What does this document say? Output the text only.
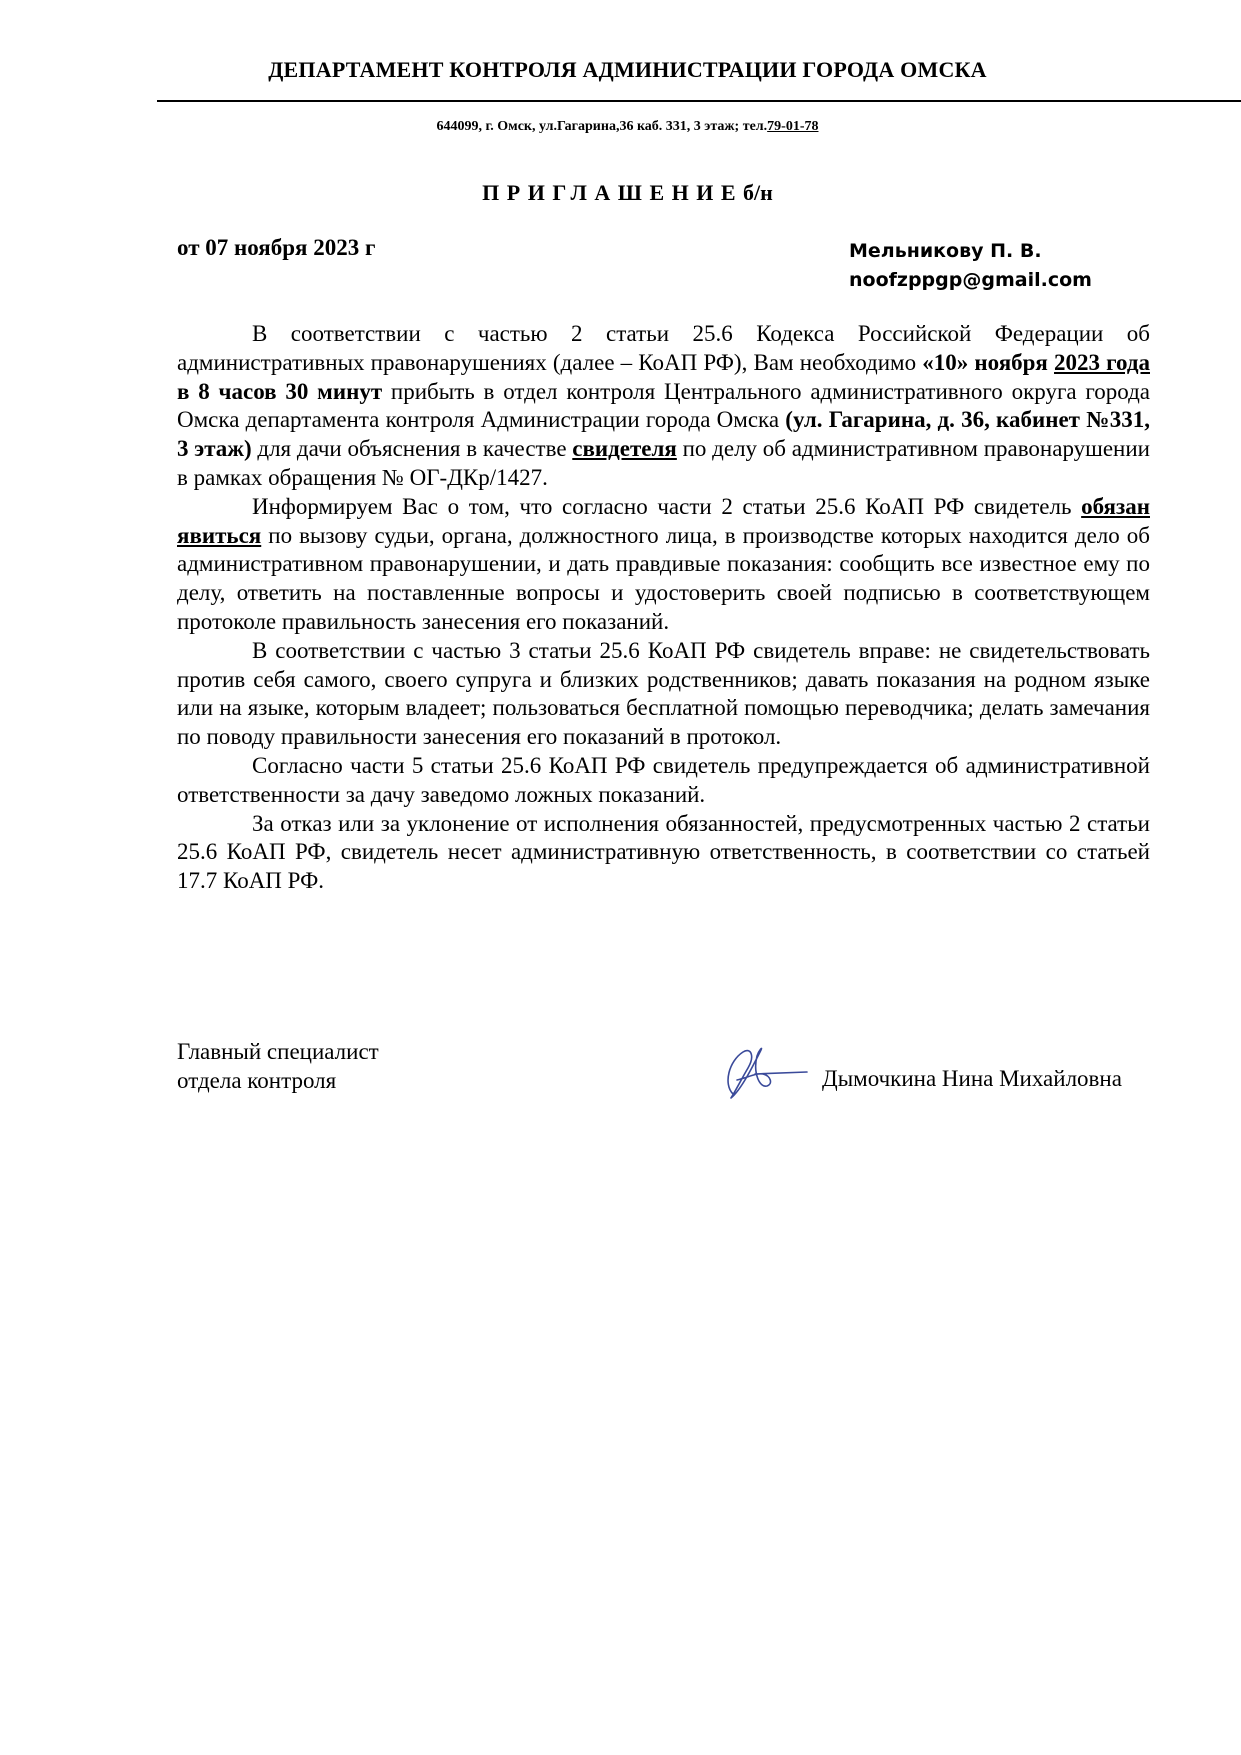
ДЕПАРТАМЕНТ КОНТРОЛЯ АДМИНИСТРАЦИИ ГОРОДА ОМСКА
644099, г. Омск, ул.Гагарина,36 каб. 331, 3 этаж; тел.79-01-78
ПРИГЛАШЕНИЕб/н
от 07 ноября 2023 г	Мельникову П. В.
noofzppgp@gmail.com

В соответствии с частью 2 статьи 25.6 Кодекса Российской Федерации об административных правонарушениях (далее – КоАП РФ), Вам необходимо «10» ноября 2023 года в 8 часов 30 минут прибыть в отдел контроля Центрального административного округа города Омска департамента контроля Администрации города Омска (ул. Гагарина, д. 36, кабинет №331, 3 этаж) для дачи объяснения в качестве свидетеля по делу об административном правонарушении в рамках обращения № ОГ-ДКр/1427.

Информируем Вас о том, что согласно части 2 статьи 25.6 КоАП РФ свидетель обязан явиться по вызову судьи, органа, должностного лица, в производстве которых находится дело об административном правонарушении, и дать правдивые показания: сообщить все известное ему по делу, ответить на поставленные вопросы и удостоверить своей подписью в соответствующем протоколе правильность занесения его показаний.

В соответствии с частью 3 статьи 25.6 КоАП РФ свидетель вправе: не свидетельствовать против себя самого, своего супруга и близких родственников; давать показания на родном языке или на языке, которым владеет; пользоваться бесплатной помощью переводчика; делать замечания по поводу правильности занесения его показаний в протокол.

Согласно части 5 статьи 25.6 КоАП РФ свидетель предупреждается об административной ответственности за дачу заведомо ложных показаний.

За отказ или за уклонение от исполнения обязанностей, предусмотренных частью 2 статьи 25.6 КоАП РФ, свидетель несет административную ответственность, в соответствии со статьей 17.7 КоАП РФ.

Главный специалист
отдела контроля	Дымочкина Нина Михайловна
